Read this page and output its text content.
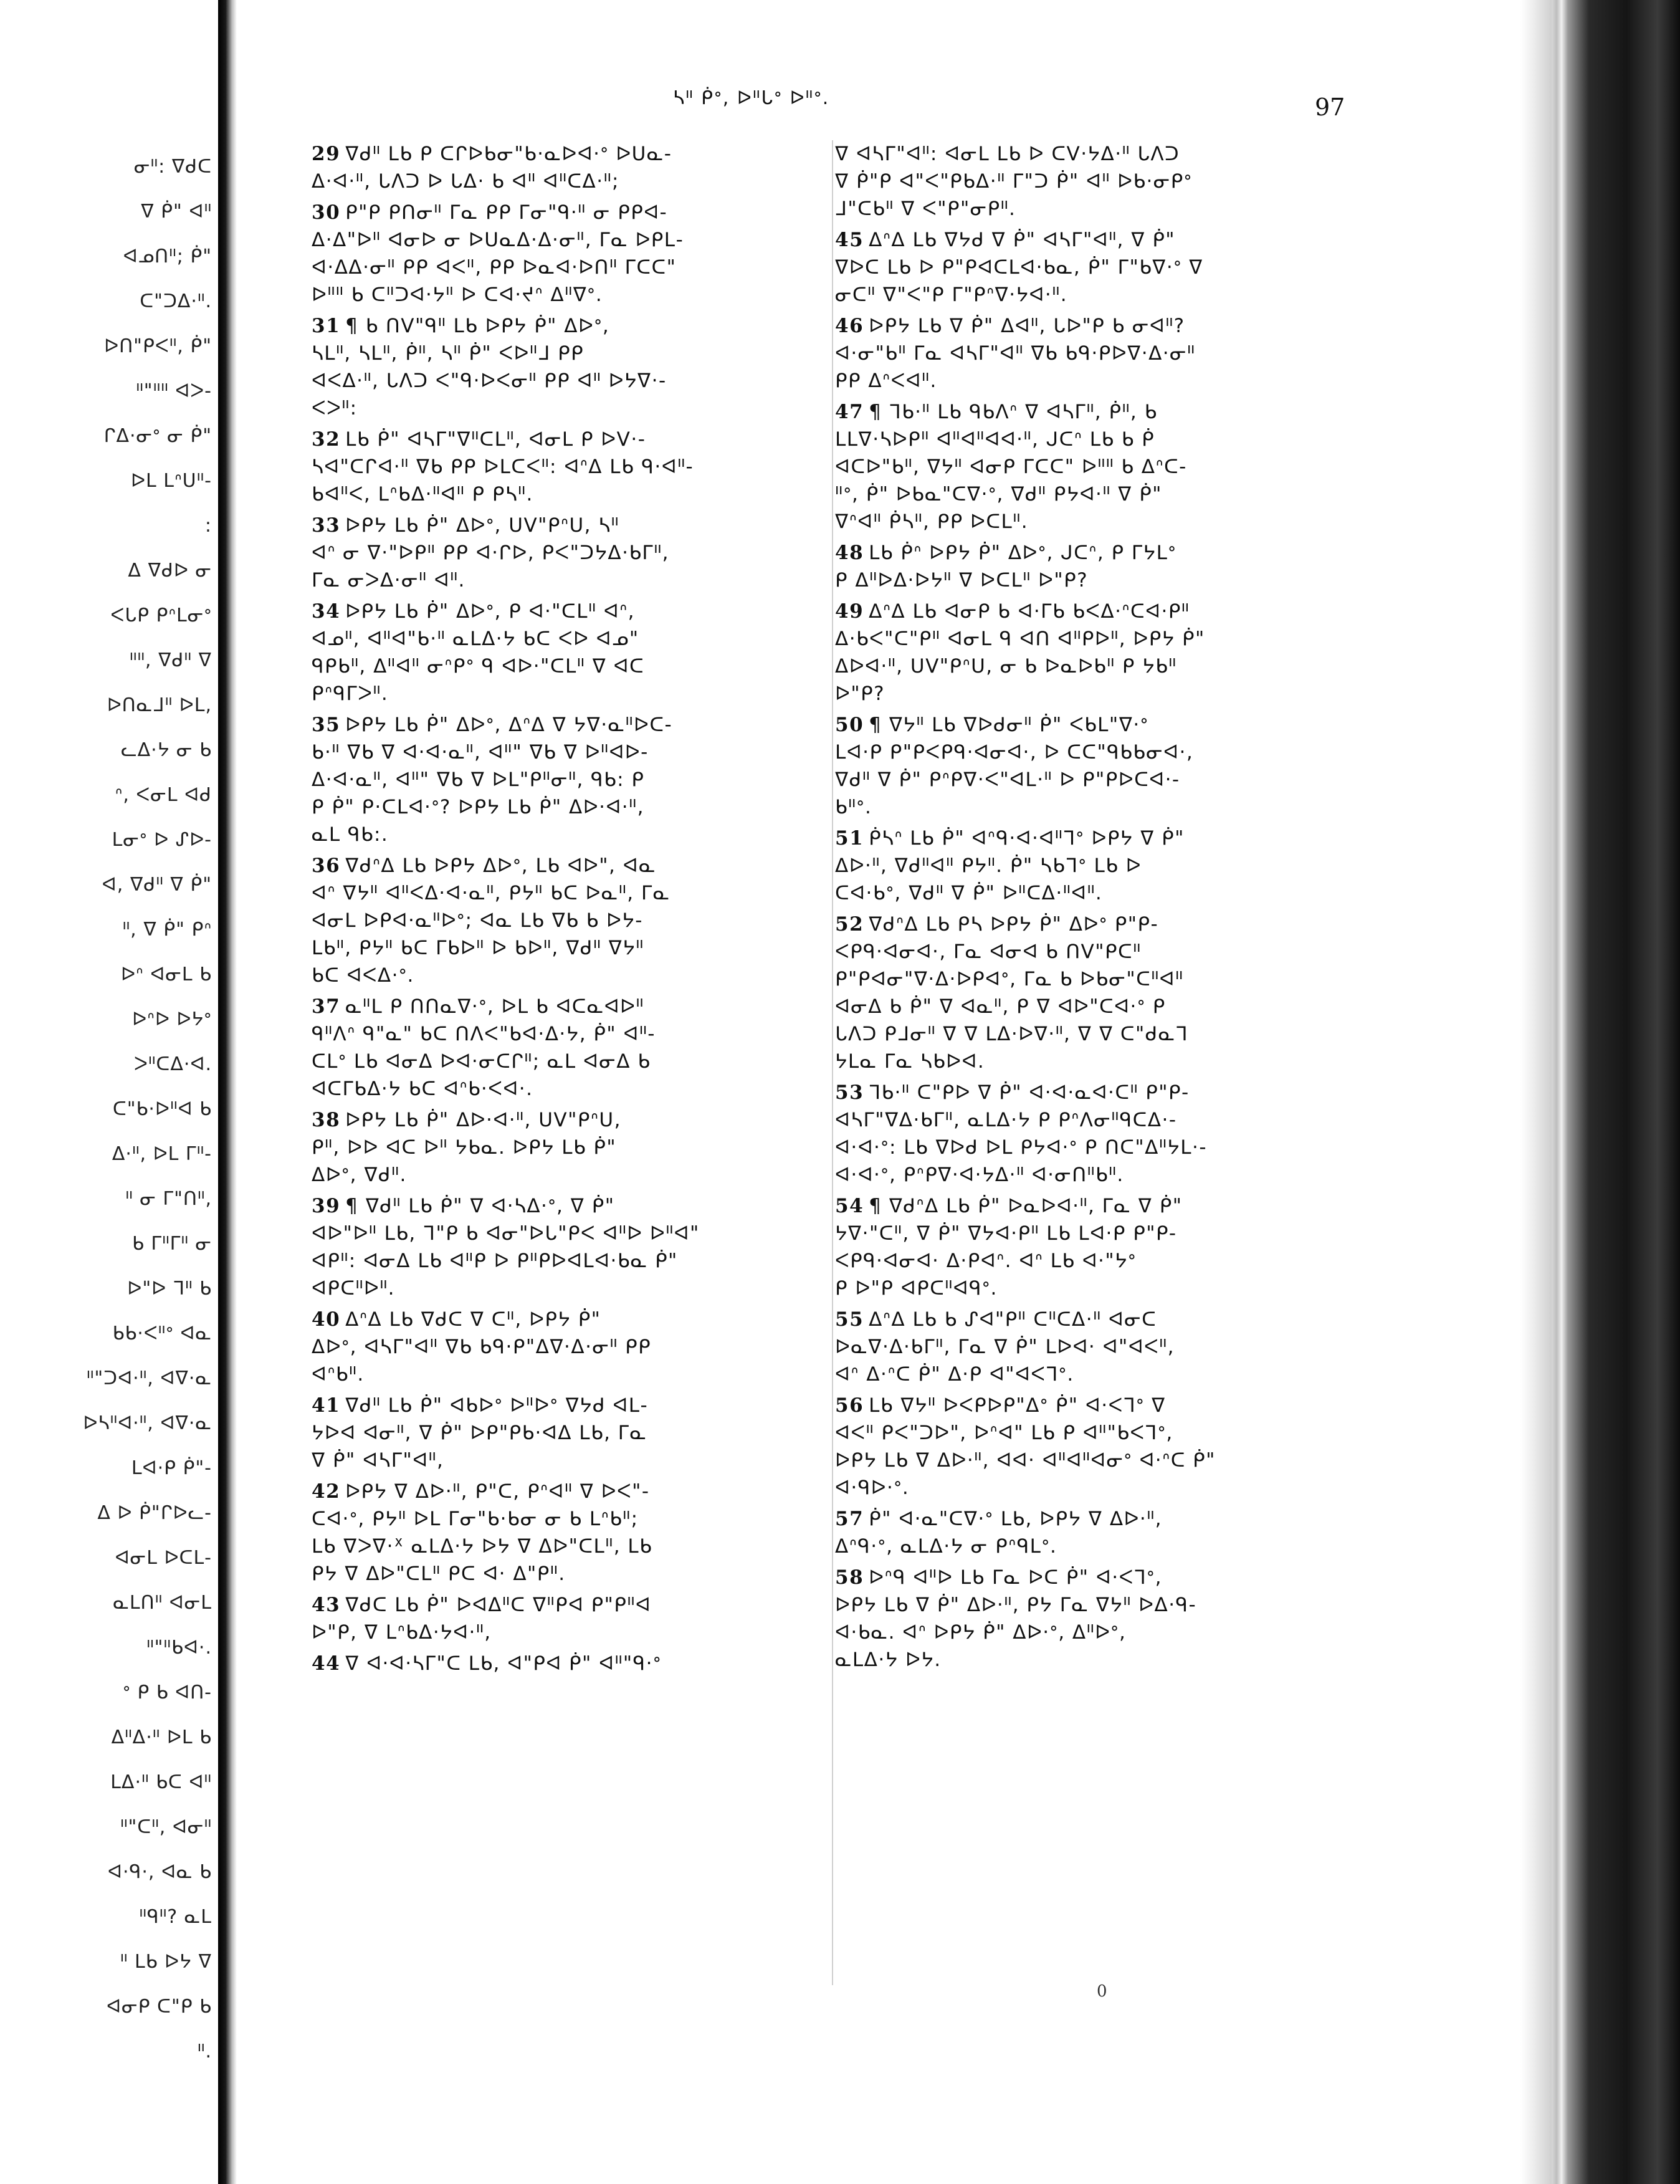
ᓂᐦ: ᐁᑯᑕ
ᐁ ᑮ" ᐊᐦ
ᐊᓄᑎᐦ; ᑮ"
ᑕ"ᑐᐃ·ᐦ.
ᐅᑎ"ᑭᐸᐦ, ᑮ"
ᐦ"ᐦᐦ ᐊᐳ-
ᒋᐃ·ᓂᐤ ᓂ ᑮ"
ᐅᒪ ᒪᐢᑌᐦ-
:
ᐃ ᐁᑯᐅ ᓂ
ᐸᒐᑭ ᑭᐢᒪᓂᐤ
ᐦᐦ, ᐁᑯᐦ ᐁ
ᐅᑎᓇᒧᐦ ᐅᒪ,
ᓚᐃ·ᔭ ᓂ ᑲ
ᐢ, ᐸᓂᒪ ᐊᑯ
ᒪᓂᐤ ᐅ ᔑᐅ-
ᐊ, ᐁᑯᐦ ᐁ ᑮ"
ᐦ, ᐁ ᑮ" ᑭᐢ
ᐅᐢ ᐊᓂᒪ ᑲ
ᐅᐢᐅ ᐅᔭᐤ
ᐳᐦᑕᐃ·ᐊ.
ᑕ"ᑲ·ᐅᐦᐊ ᑲ
ᐃ·ᐦ, ᐅᒪ ᒥᐦ-
ᐦ ᓂ ᒥ"ᑎᐦ,
ᑲ ᒥᐦᒥᐦ ᓂ
ᐅ"ᐅ ᒣᐦ ᑲ
ᑲᑲ·ᐸᐦᐤ ᐊᓇ
ᐦ"ᑐᐊ·ᐦ, ᐊᐁ·ᓇ
ᐅᓴᐦᐊ·ᐦ, ᐊᐁ·ᓇ
ᒪᐊ·ᑭ ᑮ"-
ᐃ ᐅ ᑮ"ᒋᐅᓚ-
ᐊᓂᒪ ᐅᑕᒪ-
ᓇᒪᑎᐦ ᐊᓂᒪ
ᐦ"ᐦᑲᐊ·.
ᐤ ᑭ ᑲ ᐊᑎ-
ᐃᐦᐃ·ᐦ ᐅᒪ ᑲ
ᒪᐃ·ᐦ ᑲᑕ ᐊᐦ
ᐦ"ᑕᐦ, ᐊᓂᐦ
ᐊ·ᑫ·, ᐊᓇ ᑲ
ᐦᑫᐦ? ᓇᒪ
ᐦ ᒪᑲ ᐅᔭ ᐁ
ᐊᓂᑭ ᑕ"ᑭ ᑲ
ᐦ.
ᓴᐦ ᑮᐤ, ᐅᐦᒐᐤ ᐅᐦᐤ.	97
29 ᐁᑯᐦ ᒪᑲ ᑭ ᑕᒋᐅᑲᓂ"ᑲ·ᓇᐅᐊ·ᐤ ᐅᑌᓇ-
ᐃ·ᐊ·ᐦ, ᒐᐱᑐ ᐅ ᒐᐃ· ᑲ ᐊᐦ ᐊᐦᑕᐃ·ᐦ;
30 ᑭ"ᑭ ᑭᑎᓂᐦ ᒥᓇ ᑭᑭ ᒥᓂ"ᑫ·ᐦ ᓂ ᑭᑭᐊ-
ᐃ·ᐃ"ᐅᐦ ᐊᓂᐅ ᓂ ᐅᑌᓇᐃ·ᐃ·ᓂᐦ, ᒥᓇ ᐅᑭᒪ-
ᐊ·ᐃᐃ·ᓂᐦ ᑭᑭ ᐊᐸᐦ, ᑭᑭ ᐅᓇᐊ·ᐅᑎᐦ ᒥᑕᑕ"
ᐅᐦᐦ ᑲ ᑕᐦᑐᐊ·ᔭᐦ ᐅ ᑕᐊ·ᔪᐢ ᐃᐦᐁᐤ.
31 ¶ ᑲ ᑎᐯ"ᑫᐦ ᒪᑲ ᐅᑭᔭ ᑮ" ᐃᐅᐤ,
ᓴᒪᐦ, ᓴᒪᐦ, ᑮᐦ, ᓴᐦ ᑮ" ᐸᐅᐦᒧ ᑭᑭ
ᐊᐸᐃ·ᐦ, ᒐᐱᑐ ᐸ"ᑫ·ᐅᐸᓂᐦ ᑭᑭ ᐊᐦ ᐅᔭᐁ·-
ᐸᐳᐦ:
32 ᒪᑲ ᑮ" ᐊᓴᒥ"ᐁᐦᑕᒪᐦ, ᐊᓂᒪ ᑭ ᐅᐯ·-
ᓴᐊ"ᑕᒋᐊ·ᐦ ᐁᑲ ᑭᑭ ᐅᒪᑕᐸᐦ: ᐊᐢᐃ ᒪᑲ ᑫ·ᐊᐦ-
ᑲᐊᐦᐸ, ᒪᐢᑲᐃ·ᐦᐊᐦ ᑭ ᑭᓴᐦ.
33 ᐅᑭᔭ ᒪᑲ ᑮ" ᐃᐅᐤ, ᑌᐯ"ᑭᐢᑌ, ᓴᐦ
ᐊᐢ ᓂ ᐁ·"ᐅᑭᐦ ᑭᑭ ᐊ·ᒋᐅ, ᑭᐸ"ᑐᔭᐃ·ᑲᒥᐦ,
ᒥᓇ ᓂᐳᐃ·ᓂᐦ ᐊᐦ.
34 ᐅᑭᔭ ᒪᑲ ᑮ" ᐃᐅᐤ, ᑭ ᐊ·"ᑕᒪᐦ ᐊᐢ,
ᐊᓄᐦ, ᐊᐦᐊ"ᑲ·ᐦ ᓇᒪᐃ·ᔭ ᑲᑕ ᐸᐅ ᐊᓄ"
ᑫᑭᑲᐦ, ᐃᐦᐊᐦ ᓂᐢᑭᐤ ᑫ ᐊᐅ·"ᑕᒪᐦ ᐁ ᐊᑕ
ᑭᐢᑫᒥᐳᐦ.
35 ᐅᑭᔭ ᒪᑲ ᑮ" ᐃᐅᐤ, ᐃᐢᐃ ᐁ ᔭᐁ·ᓇᐦᐅᑕ-
ᑲ·ᐦ ᐁᑲ ᐁ ᐊ·ᐊ·ᓇᐦ, ᐊᐦ" ᐁᑲ ᐁ ᐅᐦᐊᐅ-
ᐃ·ᐊ·ᓇᐦ, ᐊᐦ" ᐁᑲ ᐁ ᐅᒪ"ᑭᐦᓂᐦ, ᑫᑲ: ᑭ
ᑭ ᑮ" ᑭ·ᑕᒪᐊ·ᐤ? ᐅᑭᔭ ᒪᑲ ᑮ" ᐃᐅ·ᐊ·ᐦ,
ᓇᒪ ᑫᑲ:.
36 ᐁᑯᐢᐃ ᒪᑲ ᐅᑭᔭ ᐃᐅᐤ, ᒪᑲ ᐊᐅ", ᐊᓇ
ᐊᐢ ᐁᔭᐦ ᐊᐦᐸᐃ·ᐊ·ᓇᐦ, ᑭᔭᐦ ᑲᑕ ᐅᓇᐦ, ᒥᓇ
ᐊᓂᒪ ᐅᑭᐊ·ᓇᐦᐅᐤ; ᐊᓇ ᒪᑲ ᐁᑲ ᑲ ᐅᔭ-
ᒪᑲᐦ, ᑭᔭᐦ ᑲᑕ ᒥᑲᐅᐦ ᐅ ᑲᐅᐦ, ᐁᑯᐦ ᐁᔭᐦ
ᑲᑕ ᐊᐸᐃ·ᐤ.
37 ᓇᐦᒪ ᑭ ᑎᑎᓇᐁ·ᐤ, ᐅᒪ ᑲ ᐊᑕᓇᐊᐅᐦ
ᑫᐦᐱᐢ ᑫ"ᓇ" ᑲᑕ ᑎᐱᐸ"ᑲᐊ·ᐃ·ᔭ, ᑮ" ᐊᐦ-
ᑕᒪᐤ ᒪᑲ ᐊᓂᐃ ᐅᐊ·ᓂᑕᒋᐦ; ᓇᒪ ᐊᓂᐃ ᑲ
ᐊᑕᒥᑲᐃ·ᔭ ᑲᑕ ᐊᐢᑲ·ᐸᐊ·.
38 ᐅᑭᔭ ᒪᑲ ᑮ" ᐃᐅ·ᐊ·ᐦ, ᑌᐯ"ᑭᐢᑌ,
ᑭᐦ, ᐅᐅ ᐊᑕ ᐅᐦ ᔭᑲᓇ. ᐅᑭᔭ ᒪᑲ ᑮ"
ᐃᐅᐤ, ᐁᑯᐦ.
39 ¶ ᐁᑯᐦ ᒪᑲ ᑮ" ᐁ ᐊ·ᓴᐃ·ᐤ, ᐁ ᑮ"
ᐊᐅ"ᐅᐦ ᒪᑲ, ᒣ"ᑭ ᑲ ᐊᓂ"ᐅᒐ"ᑭᐸ ᐊᐦᐅ ᐅᐦᐊ"
ᐊᑭᐦ: ᐊᓂᐃ ᒪᑲ ᐊᐦᑭ ᐅ ᑭᐦᑭᐅᐊᒪᐊ·ᑲᓇ ᑮ"
ᐊᑭᑕᐦᐅᐦ.
40 ᐃᐢᐃ ᒪᑲ ᐁᑯᑕ ᐁ ᑕᐦ, ᐅᑭᔭ ᑮ"
ᐃᐅᐤ, ᐊᓴᒥ"ᐊᐦ ᐁᑲ ᑲᑫ·ᑭ"ᐃᐁ·ᐃ·ᓂᐦ ᑭᑭ
ᐊᐢᑲᐦ.
41 ᐁᑯᐦ ᒪᑲ ᑮ" ᐊᑲᐅᐤ ᐅᐦᐅᐤ ᐁᔭᑯ ᐊᒪ-
ᔭᐅᐊ ᐊᓂᐦ, ᐁ ᑮ" ᐅᑭ"ᑭᑲ·ᐊᐃ ᒪᑲ, ᒥᓇ
ᐁ ᑮ" ᐊᓴᒥ"ᐊᐦ,
42 ᐅᑭᔭ ᐁ ᐃᐅ·ᐦ, ᑭ"ᑕ, ᑭᐢᐊᐦ ᐁ ᐅᐸ"-
ᑕᐊ·ᐤ, ᑭᔭᐦ ᐅᒪ ᒥᓂ"ᑲ·ᑲᓂ ᓂ ᑲ ᒪᐢᑲᐦ;
ᒪᑲ ᐁᐳᐁ·ᕽ ᓇᒪᐃ·ᔭ ᐅᔭ ᐁ ᐃᐅ"ᑕᒪᐦ, ᒪᑲ
ᑭᔭ ᐁ ᐃᐅ"ᑕᒪᐦ ᑭᑕ ᐊ· ᐃ"ᑭᐦ.
43 ᐁᑯᑕ ᒪᑲ ᑮ" ᐅᐊᐃᐦᑕ ᐁᐦᑭᐊ ᑭ"ᑭᐦᐊ
ᐅ"ᑭ, ᐁ ᒪᐢᑲᐃ·ᔭᐊ·ᐦ,
44 ᐁ ᐊ·ᐊ·ᓴᒥ"ᑕ ᒪᑲ, ᐊ"ᑭᐊ ᑮ" ᐊᐦ"ᑫ·ᐤ
ᐁ ᐊᓴᒥ"ᐊᐦ: ᐊᓂᒪ ᒪᑲ ᐅ ᑕᐯ·ᔭᐃ·ᐦ ᒐᐱᑐ
ᐁ ᑮ"ᑭ ᐊ"ᐸ"ᑭᑲᐃ·ᐦ ᒥ"ᑐ ᑮ" ᐊᐦ ᐅᑲ·ᓂᑭᐤ
ᒧ"ᑕᑲᐦ ᐁ ᐸ"ᑭ"ᓂᑭᐦ.
45 ᐃᐢᐃ ᒪᑲ ᐁᔭᑯ ᐁ ᑮ" ᐊᓴᒥ"ᐊᐦ, ᐁ ᑮ"
ᐁᐅᑕ ᒪᑲ ᐅ ᑭ"ᑭᐊᑕᒪᐊ·ᑲᓇ, ᑮ" ᒥ"ᑲᐁ·ᐤ ᐁ
ᓂᑕᐦ ᐁ"ᐸ"ᑭ ᒥ"ᑭᐢᐁ·ᔭᐊ·ᐦ.
46 ᐅᑭᔭ ᒪᑲ ᐁ ᑮ" ᐃᐊᐦ, ᒐᐅ"ᑭ ᑲ ᓂᐊᐦ?
ᐊ·ᓂ"ᑲᐦ ᒥᓇ ᐊᓴᒥ"ᐊᐦ ᐁᑲ ᑲᑫ·ᑭᐅᐁ·ᐃ·ᓂᐦ
ᑭᑭ ᐃᐢᐸᐊᐦ.
47 ¶ ᒣᑲ·ᐦ ᒪᑲ ᑫᑲᐱᐢ ᐁ ᐊᓴᒥᐦ, ᑮᐦ, ᑲ
ᒪᒪᐁ·ᓴᐅᑭᐦ ᐊᐦᐊᐦᐊᐊ·ᐦ, ᒍᑕᐢ ᒪᑲ ᑲ ᑮ
ᐊᑕᐅ"ᑲᐦ, ᐁᔭᐦ ᐊᓂᑭ ᒥᑕᑕ" ᐅᐦᐦ ᑲ ᐃᐢᑕ-
ᐦᐤ, ᑮ" ᐅᑲᓇ"ᑕᐁ·ᐤ, ᐁᑯᐦ ᑭᔭᐊ·ᐦ ᐁ ᑮ"
ᐁᐢᐊᐦ ᑮᓴᐦ, ᑭᑭ ᐅᑕᒪᐦ.
48 ᒪᑲ ᑮᐢ ᐅᑭᔭ ᑮ" ᐃᐅᐤ, ᒍᑕᐢ, ᑭ ᒥᔭᒪᐤ
ᑭ ᐃᐦᐅᐃ·ᐅᔭᐦ ᐁ ᐅᑕᒪᐦ ᐅ"ᑭ?
49 ᐃᐢᐃ ᒪᑲ ᐊᓂᑭ ᑲ ᐊ·ᒥᑲ ᑲᐸᐃ·ᐢᑕᐊ·ᑭᐦ
ᐃ·ᑲᐸ"ᑕ"ᑭᐦ ᐊᓂᒪ ᑫ ᐊᑎ ᐊᐦᑭᐅᐦ, ᐅᑭᔭ ᑮ"
ᐃᐅᐊ·ᐦ, ᑌᐯ"ᑭᐢᑌ, ᓂ ᑲ ᐅᓇᐅᑲᐦ ᑭ ᔭᑲᐦ
ᐅ"ᑭ?
50 ¶ ᐁᔭᐦ ᒪᑲ ᐁᐅᑯᓂᐦ ᑮ" ᐸᑲᒪ"ᐁ·ᐤ
ᒪᐊ·ᑭ ᑭ"ᑭᐸᑭᑫ·ᐊᓂᐊ·, ᐅ ᑕᑕ"ᑫᑲᑲᓂᐊ·,
ᐁᑯᐦ ᐁ ᑮ" ᑭᐢᑭᐁ·ᐸ"ᐊᒪ·ᐦ ᐅ ᑭ"ᑭᐅᑕᐊ·-
ᑲᐦᐤ.
51 ᑮᓴᐢ ᒪᑲ ᑮ" ᐊᐢᑫ·ᐊ·ᐊᐦᒣᐤ ᐅᑭᔭ ᐁ ᑮ"
ᐃᐅ·ᐦ, ᐁᑯᐦᐊᐦ ᑭᔭᐦ. ᑮ" ᓴᑲᒣᐤ ᒪᑲ ᐅ
ᑕᐊ·ᑲᐤ, ᐁᑯᐦ ᐁ ᑮ" ᐅᐦᑕᐃ·ᐦᐊᐦ.
52 ᐁᑯᐢᐃ ᒪᑲ ᑭᓴ ᐅᑭᔭ ᑮ" ᐃᐅᐤ ᑭ"ᑭ-
ᐸᑭᑫ·ᐊᓂᐊ·, ᒥᓇ ᐊᓂᐊ ᑲ ᑎᐯ"ᑭᑕᐦ
ᑭ"ᑭᐊᓂ"ᐁ·ᐃ·ᐅᑭᐊᐤ, ᒥᓇ ᑲ ᐅᑲᓂ"ᑕᐦᐊᐦ
ᐊᓂᐃ ᑲ ᑮ" ᐁ ᐊᓇᐦ, ᑭ ᐁ ᐊᐅ"ᑕᐊ·ᐤ ᑭ
ᒐᐱᑐ ᑭᒧᓂᐦ ᐁ ᐁ ᒪᐃ·ᐅᐁ·ᐦ, ᐁ ᐁ ᑕ"ᑯᓇᒣ
ᔭᒪᓇ ᒥᓇ ᓴᑲᐅᐊ.
53 ᒣᑲ·ᐦ ᑕ"ᑭᐅ ᐁ ᑮ" ᐊ·ᐊ·ᓇᐊ·ᑕᐦ ᑭ"ᑭ-
ᐊᓴᒥ"ᐁᐃ·ᑲᒥᐦ, ᓇᒪᐃ·ᔭ ᑭ ᑭᐢᐱᓂᐦᑫᑕᐃ·-
ᐊ·ᐊ·ᐤ: ᒪᑲ ᐁᐅᑯ ᐅᒪ ᑭᔭᐊ·ᐤ ᑭ ᑎᑕ"ᐃᐦᔭᒪ·-
ᐊ·ᐊ·ᐤ, ᑭᐢᑭᐁ·ᐊ·ᔭᐃ·ᐦ ᐊ·ᓂᑎᐦᑲᐦ.
54 ¶ ᐁᑯᐢᐃ ᒪᑲ ᑮ" ᐅᓇᐅᐊ·ᐦ, ᒥᓇ ᐁ ᑮ"
ᔭᐁ·"ᑕᐦ, ᐁ ᑮ" ᐁᔭᐊ·ᑭᐦ ᒪᑲ ᒪᐊ·ᑭ ᑭ"ᑭ-
ᐸᑭᑫ·ᐊᓂᐊ· ᐃ·ᑭᐊᐢ. ᐊᐢ ᒪᑲ ᐊ·"ᔭᐤ
ᑭ ᐅ"ᑭ ᐊᑭᑕᐦᐊᑫᐤ.
55 ᐃᐢᐃ ᒪᑲ ᑲ ᔑᐊ"ᑭᐦ ᑕᐦᑕᐃ·ᐦ ᐊᓂᑕ
ᐅᓇᐁ·ᐃ·ᑲᒥᐦ, ᒥᓇ ᐁ ᑮ" ᒪᐅᐊ· ᐊ"ᐊᐸᐦ,
ᐊᐢ ᐃ·ᐢᑕ ᑮ" ᐃ·ᑭ ᐊ"ᐊᐸᒣᐤ.
56 ᒪᑲ ᐁᔭᐦ ᐅᐸᑭᐅᑭ"ᐃᐤ ᑮ" ᐊ·ᐸᒣᐤ ᐁ
ᐊᐸᐦ ᑭᐸ"ᑐᐅ", ᐅᐢᐊ" ᒪᑲ ᑭ ᐊᐦ"ᑲᐸᒣᐤ,
ᐅᑭᔭ ᒪᑲ ᐁ ᐃᐅ·ᐦ, ᐊᐊ· ᐊᐦᐊᐦᐊᓂᐤ ᐊ·ᐢᑕ ᑮ"
ᐊ·ᑫᐅ·ᐤ.
57 ᑮ" ᐊ·ᓇ"ᑕᐁ·ᐤ ᒪᑲ, ᐅᑭᔭ ᐁ ᐃᐅ·ᐦ,
ᐃᐢᑫ·ᐤ, ᓇᒪᐃ·ᔭ ᓂ ᑭᐢᑫᒪᐤ.
58 ᐅᐢᑫ ᐊᐦᐅ ᒪᑲ ᒥᓇ ᐅᑕ ᑮ" ᐊ·ᐸᒣᐤ,
ᐅᑭᔭ ᒪᑲ ᐁ ᑮ" ᐃᐅ·ᐦ, ᑭᔭ ᒥᓇ ᐁᔭᐦ ᐅᐃ·ᑫ-
ᐊ·ᑲᓇ. ᐊᐢ ᐅᑭᔭ ᑮ" ᐃᐅ·ᐤ, ᐃᐦᐅᐤ,
ᓇᒪᐃ·ᔭ ᐅᔭ.
0
